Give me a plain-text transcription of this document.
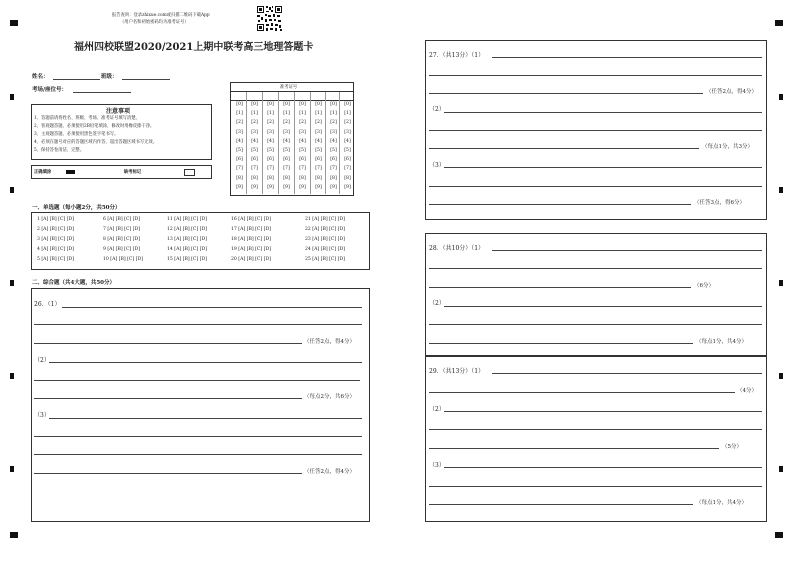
报告查询：登录zhixue.com或扫描二维码下载App
（用户名和初始密码均为准考证号）
福州四校联盟2020/2021上期中联考高三地理答题卡
姓名：	班级：
考场/座位号：
注意事项
1、答题前请将姓名、班级、考场、准考证号填写清楚。
2、客观题答题，必须使用2B铅笔填涂，修改时用橡皮擦干净。
3、主观题答题，必须使用黑色签字笔书写。
4、必须在题号对应的答题区域内作答，超出答题区域书写无效。
5、保持答卷清洁、完整。
正确填涂	缺考标记
准考证号
[0]
[1]
[2]
[3]
[4]
[5]
[6]
[7]
[8]
[9]
[0]
[1]
[2]
[3]
[4]
[5]
[6]
[7]
[8]
[9]
[0]
[1]
[2]
[3]
[4]
[5]
[6]
[7]
[8]
[9]
[0]
[1]
[2]
[3]
[4]
[5]
[6]
[7]
[8]
[9]
[0]
[1]
[2]
[3]
[4]
[5]
[6]
[7]
[8]
[9]
[0]
[1]
[2]
[3]
[4]
[5]
[6]
[7]
[8]
[9]
[0]
[1]
[2]
[3]
[4]
[5]
[6]
[7]
[8]
[9]
[0]
[1]
[2]
[3]
[4]
[5]
[6]
[7]
[8]
[9]
一、单选题（每小题2分，共50分）
1 [A] [B] [C] [D]
2 [A] [B] [C] [D]
3 [A] [B] [C] [D]
4 [A] [B] [C] [D]
5 [A] [B] [C] [D]
6 [A] [B] [C] [D]
7 [A] [B] [C] [D]
8 [A] [B] [C] [D]
9 [A] [B] [C] [D]
10 [A] [B] [C] [D]
11 [A] [B] [C] [D]
12 [A] [B] [C] [D]
13 [A] [B] [C] [D]
14 [A] [B] [C] [D]
15 [A] [B] [C] [D]
16 [A] [B] [C] [D]
17 [A] [B] [C] [D]
18 [A] [B] [C] [D]
19 [A] [B] [C] [D]
20 [A] [B] [C] [D]
21 [A] [B] [C] [D]
22 [A] [B] [C] [D]
23 [A] [B] [C] [D]
24 [A] [B] [C] [D]
25 [A] [B] [C] [D]
二、综合题（共4大题，共50分）
26．（1）
（任答2点，得4分）
（2）
（每点2分，共6分）
（3）
（任答2点，得4分）
27．（共13分）（1）
（任答2点，得4分）
（2）
（每点1分，共3分）
（3）
（任答3点，得6分）
28．（共10分）（1）
（6分）
（2）
（每点1分，共4分）
29．（共13分）（1）
（4分）
（2）
（5分）
（3）
（每点1分，共4分）
